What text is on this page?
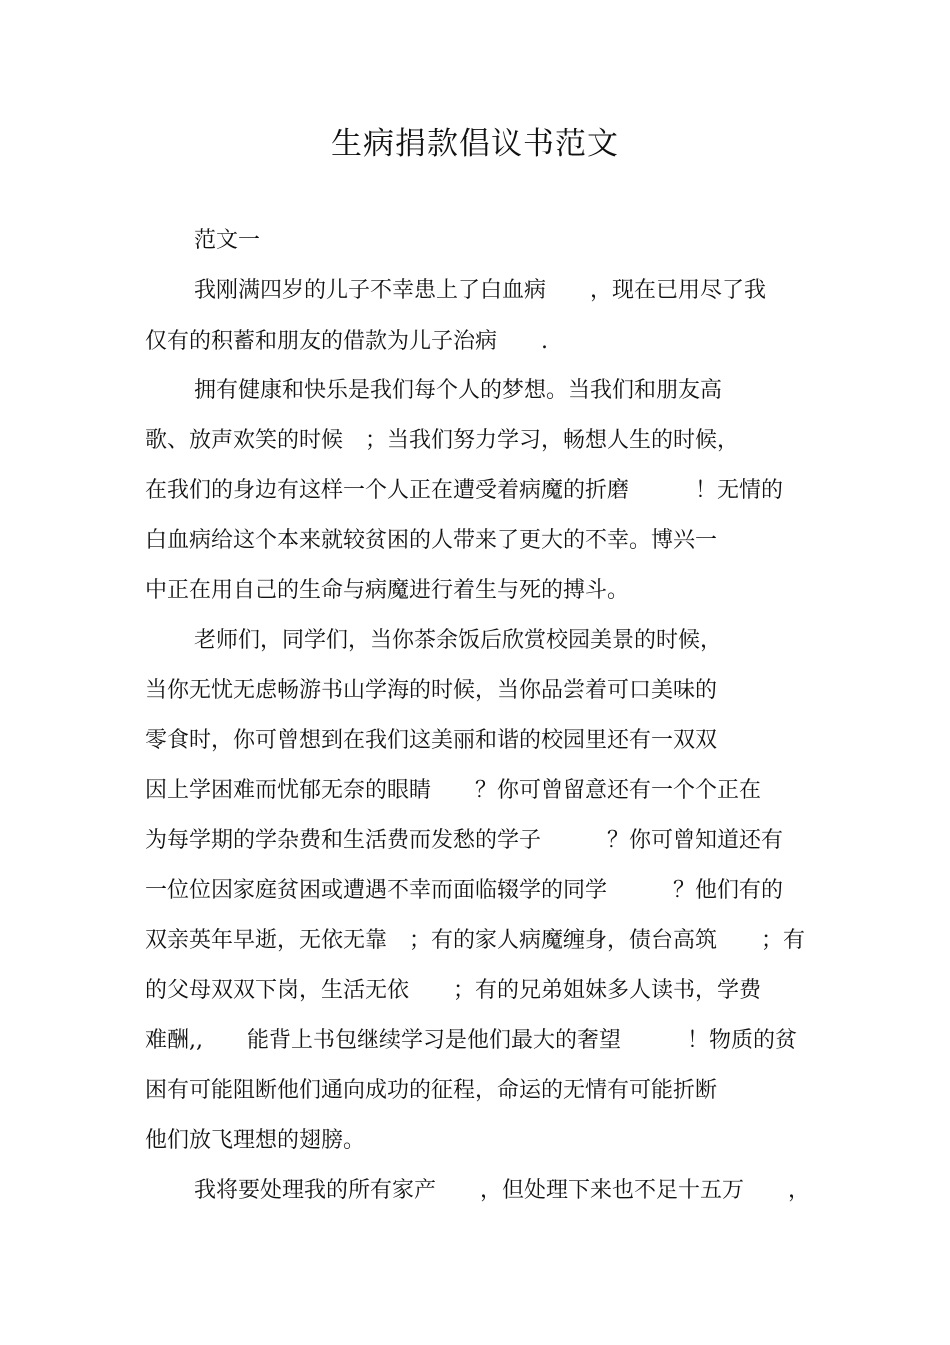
生病捐款倡议书范文
范文一
我刚满四岁的儿子不幸患上了白血病　　，现在已用尽了我
仅有的积蓄和朋友的借款为儿子治病　　.
拥有健康和快乐是我们每个人的梦想。当我们和朋友高
歌、放声欢笑的时候　；当我们努力学习，畅想人生的时候，
在我们的身边有这样一个人正在遭受着病魔的折磨　　　！无情的
白血病给这个本来就较贫困的人带来了更大的不幸。博兴一
中正在用自己的生命与病魔进行着生与死的搏斗。
老师们，同学们，当你茶余饭后欣赏校园美景的时候，
当你无忧无虑畅游书山学海的时候，当你品尝着可口美味的
零食时，你可曾想到在我们这美丽和谐的校园里还有一双双
因上学困难而忧郁无奈的眼睛　　？你可曾留意还有一个个正在
为每学期的学杂费和生活费而发愁的学子　　　？你可曾知道还有
一位位因家庭贫困或遭遇不幸而面临辍学的同学　　　？他们有的
双亲英年早逝，无依无靠　；有的家人病魔缠身，债台高筑　　；有
的父母双双下岗，生活无依　　；有的兄弟姐妹多人读书，学费
难酬,,　　能背上书包继续学习是他们最大的奢望　　　！物质的贫
困有可能阻断他们通向成功的征程，命运的无情有可能折断
他们放飞理想的翅膀。
我将要处理我的所有家产　　，但处理下来也不足十五万　　，
